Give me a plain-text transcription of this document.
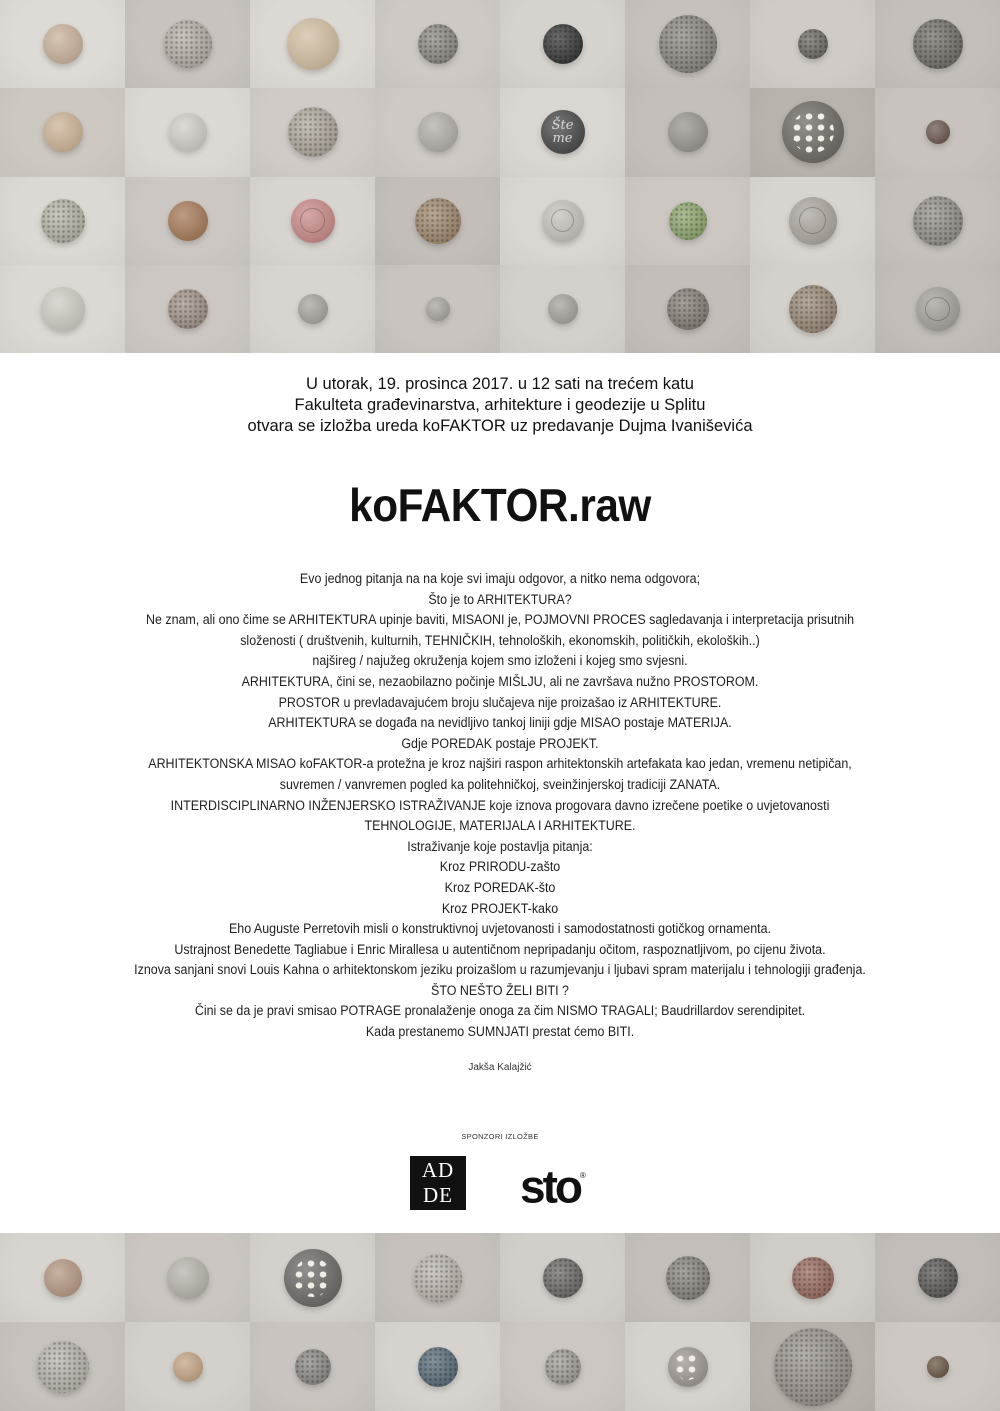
Šte me
U utorak, 19. prosinca 2017. u 12 sati na trećem katu
Fakulteta građevinarstva, arhitekture i geodezije u Splitu
otvara se izložba ureda koFAKTOR uz predavanje Dujma Ivaniševića
koFAKTOR.raw
Evo jednog pitanja na na koje svi imaju odgovor, a nitko nema odgovora;
Što je to ARHITEKTURA?
Ne znam, ali ono čime se ARHITEKTURA upinje baviti, MISAONI je, POJMOVNI PROCES sagledavanja i interpretacija prisutnih
složenosti ( društvenih, kulturnih, TEHNIČKIH, tehnoloških, ekonomskih, političkih, ekoloških..)
najšireg / najužeg okruženja kojem smo izloženi i kojeg smo svjesni.
ARHITEKTURA, čini se, nezaobilazno počinje MIŠLJU, ali ne završava nužno PROSTOROM.
PROSTOR u prevladavajućem broju slučajeva nije proizašao iz ARHITEKTURE.
ARHITEKTURA se događa na nevidljivo tankoj liniji gdje MISAO postaje MATERIJA.
Gdje POREDAK postaje PROJEKT.
ARHITEKTONSKA MISAO koFAKTOR-a protežna je kroz najširi raspon arhitektonskih artefakata kao jedan, vremenu netipičan,
suvremen / vanvremen pogled ka politehničkoj, sveinžinjerskoj tradiciji ZANATA.
INTERDISCIPLINARNO INŽENJERSKO ISTRAŽIVANJE koje iznova progovara davno izrečene poetike o uvjetovanosti
TEHNOLOGIJE, MATERIJALA I ARHITEKTURE.
Istraživanje koje postavlja pitanja:
Kroz PRIRODU-zašto
Kroz POREDAK-što
Kroz PROJEKT-kako
Eho Auguste Perretovih misli o konstruktivnoj uvjetovanosti i samodostatnosti gotičkog ornamenta.
Ustrajnost Benedette Tagliabue i Enric Mirallesa u autentičnom nepripadanju očitom, raspoznatljivom, po cijenu života.
Iznova sanjani snovi Louis Kahna o arhitektonskom jeziku proizašlom u razumjevanju i ljubavi spram materijalu i tehnologiji građenja.
ŠTO NEŠTO ŽELI BITI ?
Čini se da je pravi smisao POTRAGE pronalaženje onoga za čim NISMO TRAGALI; Baudrillardov serendipitet.
Kada prestanemo SUMNJATI prestat ćemo BITI.
Jakša Kalajžić
SPONZORI IZLOŽBE
AD
DE sto®
